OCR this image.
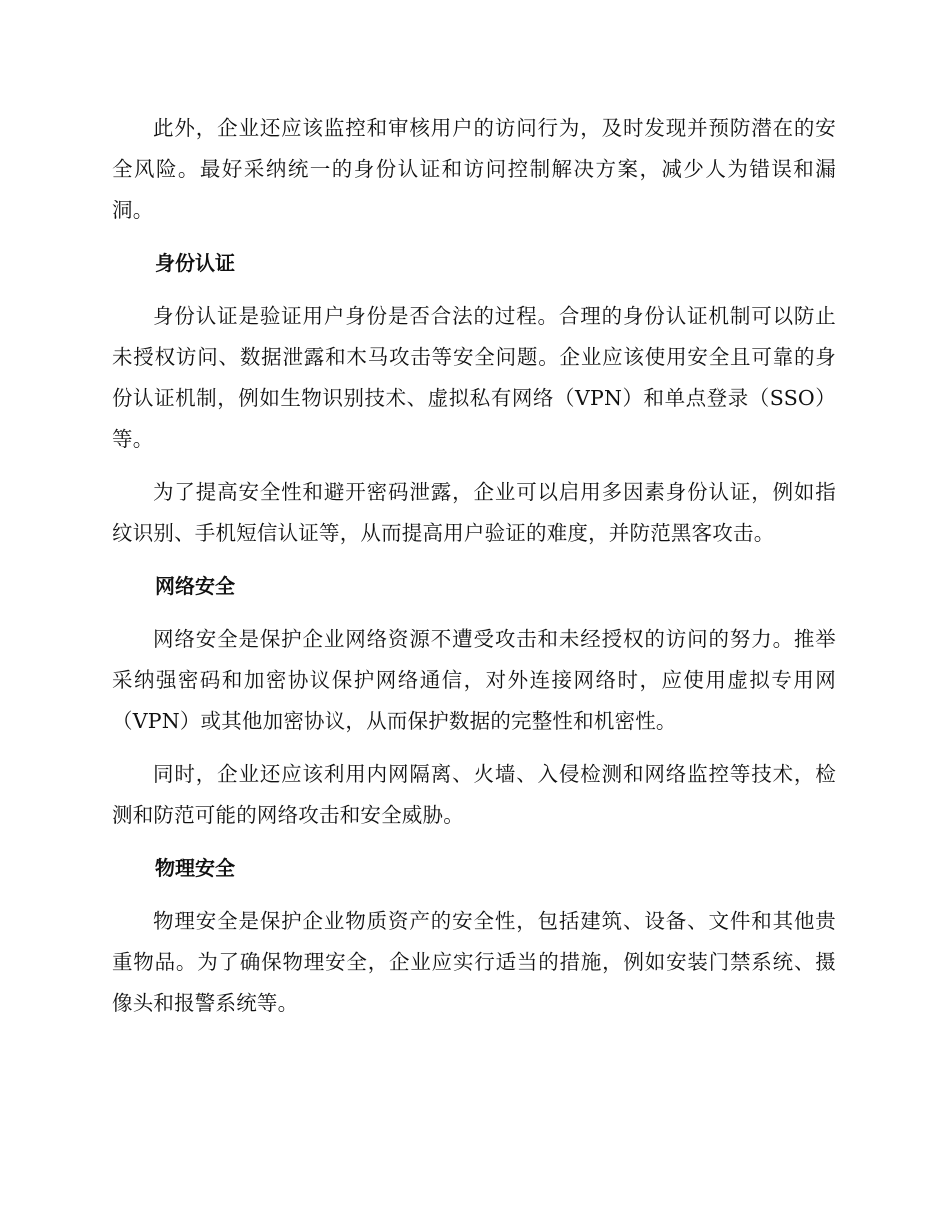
此外，企业还应该监控和审核用户的访问行为，及时发现并预防潜在的安全风险。最好采纳统一的身份认证和访问控制解决方案，减少人为错误和漏洞。

身份认证

身份认证是验证用户身份是否合法的过程。合理的身份认证机制可以防止未授权访问、数据泄露和木马攻击等安全问题。企业应该使用安全且可靠的身份认证机制，例如生物识别技术、虚拟私有网络（VPN）和单点登录（SSO）等。

为了提高安全性和避开密码泄露，企业可以启用多因素身份认证，例如指纹识别、手机短信认证等，从而提高用户验证的难度，并防范黑客攻击。

网络安全

网络安全是保护企业网络资源不遭受攻击和未经授权的访问的努力。推举采纳强密码和加密协议保护网络通信，对外连接网络时，应使用虚拟专用网（VPN）或其他加密协议，从而保护数据的完整性和机密性。

同时，企业还应该利用内网隔离、火墙、入侵检测和网络监控等技术，检测和防范可能的网络攻击和安全威胁。

物理安全

物理安全是保护企业物质资产的安全性，包括建筑、设备、文件和其他贵重物品。为了确保物理安全，企业应实行适当的措施，例如安装门禁系统、摄像头和报警系统等。
